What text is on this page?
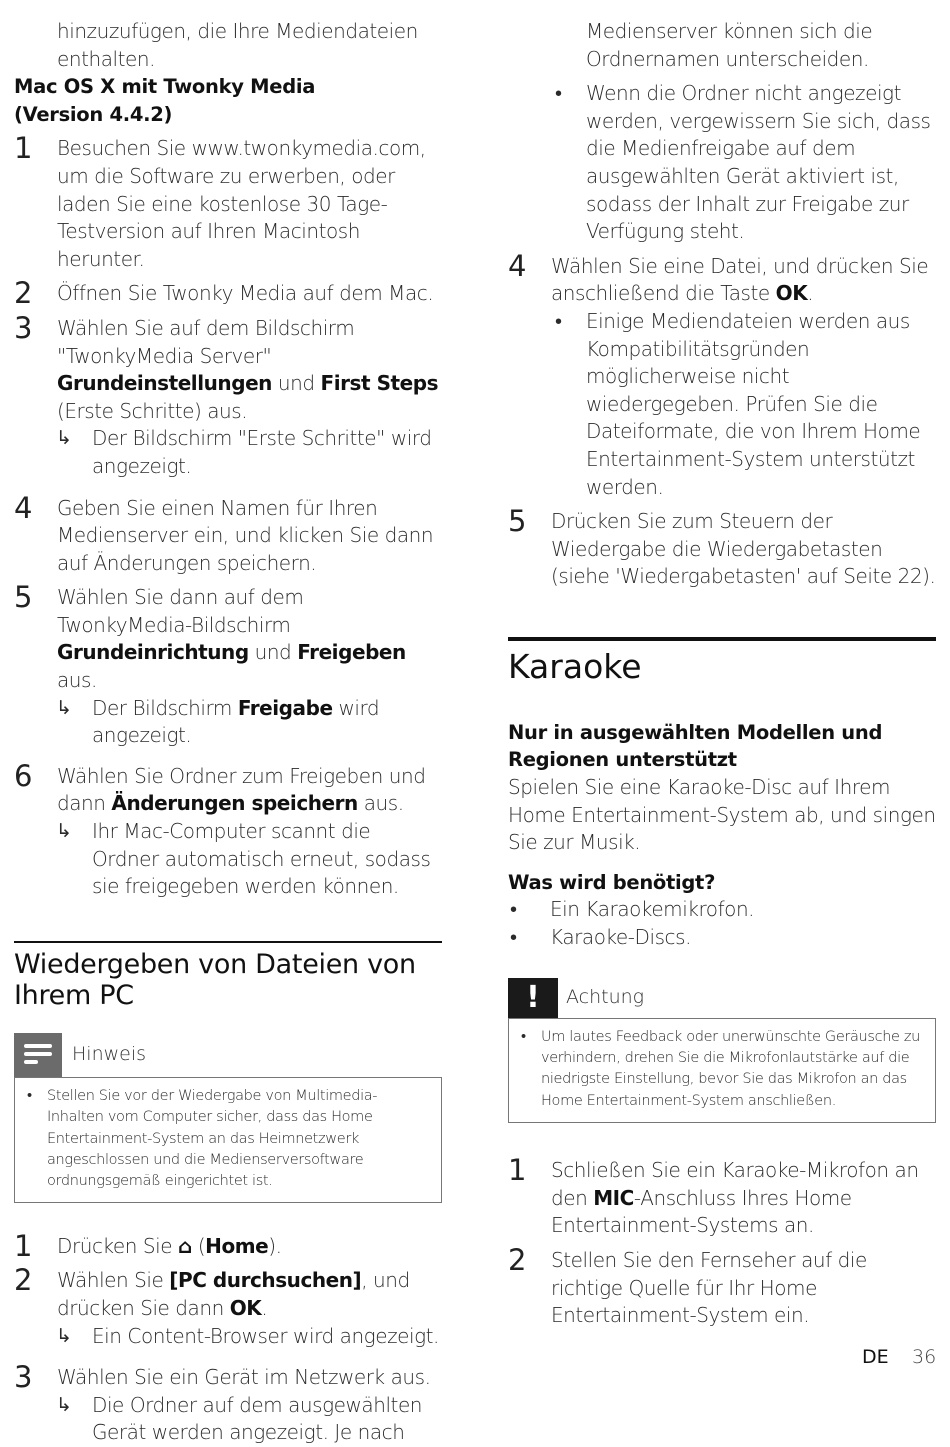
hinzuzufügen, die Ihre Mediendateien
enthalten.
Mac OS X mit Twonky Media
(Version 4.4.2)
1 Besuchen Sie www.twonkymedia.com, um die Software zu erwerben, oder laden Sie eine kostenlose 30 Tage-Testversion auf Ihren Macintosh herunter.
2 Öffnen Sie Twonky Media auf dem Mac.
3 Wählen Sie auf dem Bildschirm "TwonkyMedia Server" Grundeinstellungen und First Steps (Erste Schritte) aus.
↳ Der Bildschirm "Erste Schritte" wird angezeigt.
4 Geben Sie einen Namen für Ihren Medienserver ein, und klicken Sie dann auf Änderungen speichern.
5 Wählen Sie dann auf dem TwonkyMedia-Bildschirm Grundeinrichtung und Freigeben aus.
↳ Der Bildschirm Freigabe wird angezeigt.
6 Wählen Sie Ordner zum Freigeben und dann Änderungen speichern aus.
↳ Ihr Mac-Computer scannt die Ordner automatisch erneut, sodass sie freigegeben werden können.
Wiedergeben von Dateien von Ihrem PC
Hinweis
• Stellen Sie vor der Wiedergabe von Multimedia-Inhalten vom Computer sicher, dass das Home Entertainment-System an das Heimnetzwerk angeschlossen und die Medienserversoftware ordnungsgemäß eingerichtet ist.
1 Drücken Sie ⌂ (Home).
2 Wählen Sie [PC durchsuchen], und drücken Sie dann OK.
↳ Ein Content-Browser wird angezeigt.
3 Wählen Sie ein Gerät im Netzwerk aus.
↳ Die Ordner auf dem ausgewählten Gerät werden angezeigt. Je nach
Medienserver können sich die Ordnernamen unterscheiden.
• Wenn die Ordner nicht angezeigt werden, vergewissern Sie sich, dass die Medienfreigabe auf dem ausgewählten Gerät aktiviert ist, sodass der Inhalt zur Freigabe zur Verfügung steht.
4 Wählen Sie eine Datei, und drücken Sie anschließend die Taste OK.
• Einige Mediendateien werden aus Kompatibilitätsgründen möglicherweise nicht wiedergegeben. Prüfen Sie die Dateiformate, die von Ihrem Home Entertainment-System unterstützt werden.
5 Drücken Sie zum Steuern der Wiedergabe die Wiedergabetasten (siehe 'Wiedergabetasten' auf Seite 22).
Karaoke
Nur in ausgewählten Modellen und Regionen unterstützt
Spielen Sie eine Karaoke-Disc auf Ihrem Home Entertainment-System ab, und singen Sie zur Musik.
Was wird benötigt?
• Ein Karaokemikrofon.
• Karaoke-Discs.
!	Achtung
• Um lautes Feedback oder unerwünschte Geräusche zu verhindern, drehen Sie die Mikrofonlautstärke auf die niedrigste Einstellung, bevor Sie das Mikrofon an das Home Entertainment-System anschließen.
1 Schließen Sie ein Karaoke-Mikrofon an den MIC-Anschluss Ihres Home Entertainment-Systems an.
2 Stellen Sie den Fernseher auf die richtige Quelle für Ihr Home Entertainment-System ein.
DE 36
